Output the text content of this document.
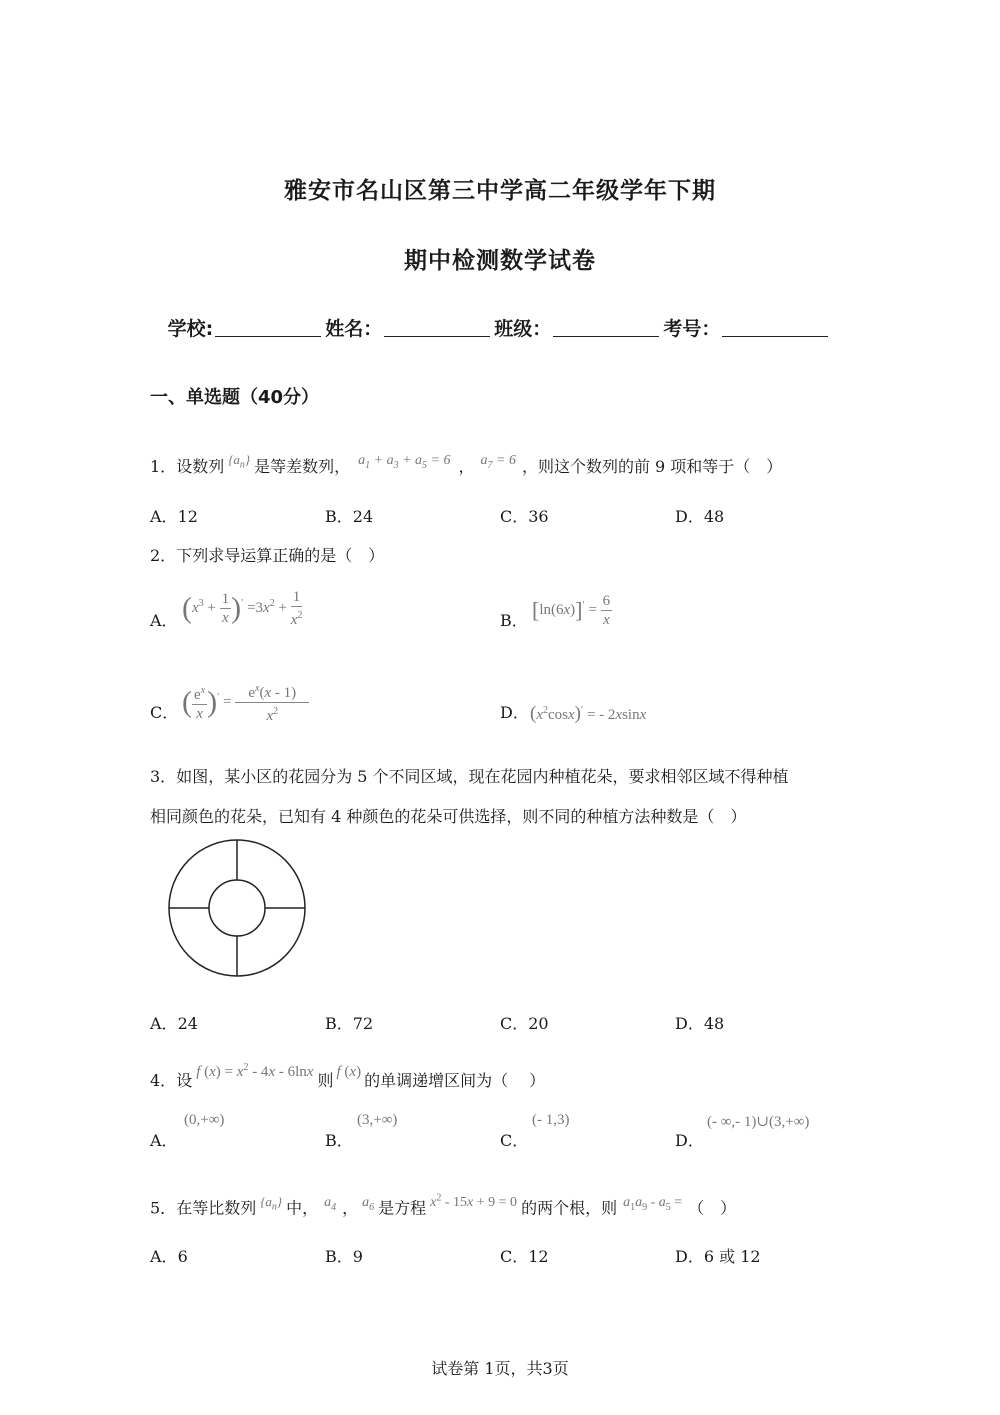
雅安市名山区第三中学高二年级学年下期
期中检测数学试卷
学校:	姓名：	班级：	考号：
一、单选题（40分）
1．设数列 $^{\{a_n\}}$ 是等差数列， $a_1 + a_3 + a_5 = 6$ ， $a_7 = 6$ ，则这个数列的前 9 项和等于（　）
A．12	B．24	C．36	D．48
2．下列求导运算正确的是（　）
A． $(x^3 + \frac{1}{x} )' =3x^2 + \frac{1}{x^2}$	B． $[\ln(6x)]' = \frac{6}{x}$
C． ( $\frac{e^x}{x} )' = \frac{e^x(x - 1)}{x^2}$	D． $(x^2\cos x)'$ = - 2xsinx
3．如图，某小区的花园分为 5 个不同区域，现在花园内种植花朵，要求相邻区域不得种植
相同颜色的花朵，已知有 4 种颜色的花朵可供选择，则不同的种植方法种数是（　）
A．24	B．72	C．20	D．48
4．设 f $(x) = x^2 - 4x - 6\ln x$ 则 f (x) 的单调递增区间为（　 ）
A．
(0,+∞)
B．
(3,+∞)
C．
(- 1,3)
D．
(- ∞,- 1)∪(3,+∞)
5．在等比数列 $^{\{a_n\}}$ 中， $a_4$ ， $a_6$ 是方程 $x^2 - 15x + 9 = 0$ 的两个根，则 $a_1a_9 - a_5$ = （　）
A．6	B．9	C．12	D．6 或 12
试卷第 1页，共3页
